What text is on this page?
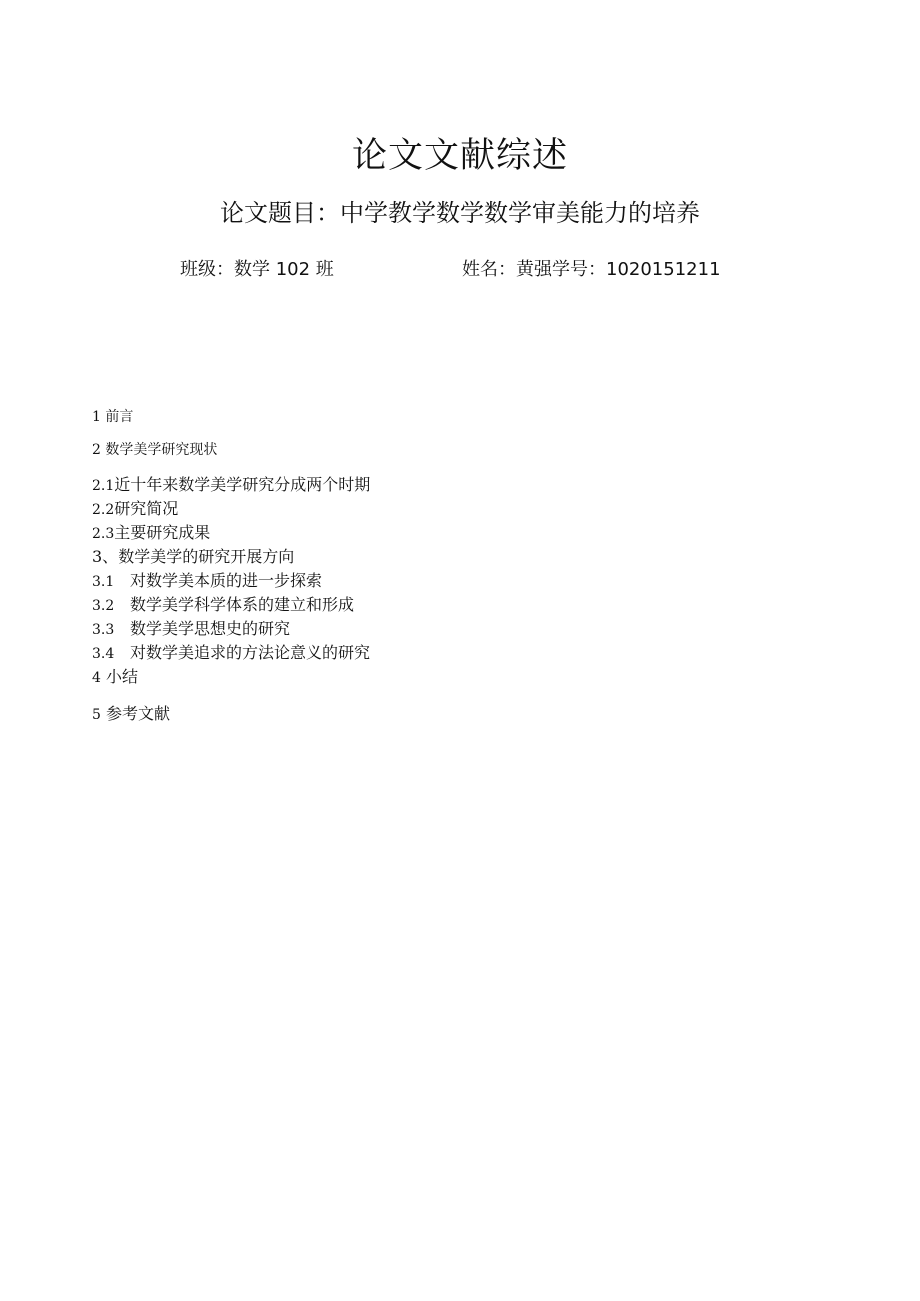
论文文献综述
论文题目：中学教学数学数学审美能力的培养
班级：数学 102 班	姓名：黄强学号：1020151211
1 前言
2 数学美学研究现状
2.1近十年来数学美学研究分成两个时期
2.2研究简况
2.3主要研究成果
3、数学美学的研究开展方向
3.1 对数学美本质的进一步探索
3.2 数学美学科学体系的建立和形成
3.3 数学美学思想史的研究
3.4 对数学美追求的方法论意义的研究
4 小结
5 参考文献
